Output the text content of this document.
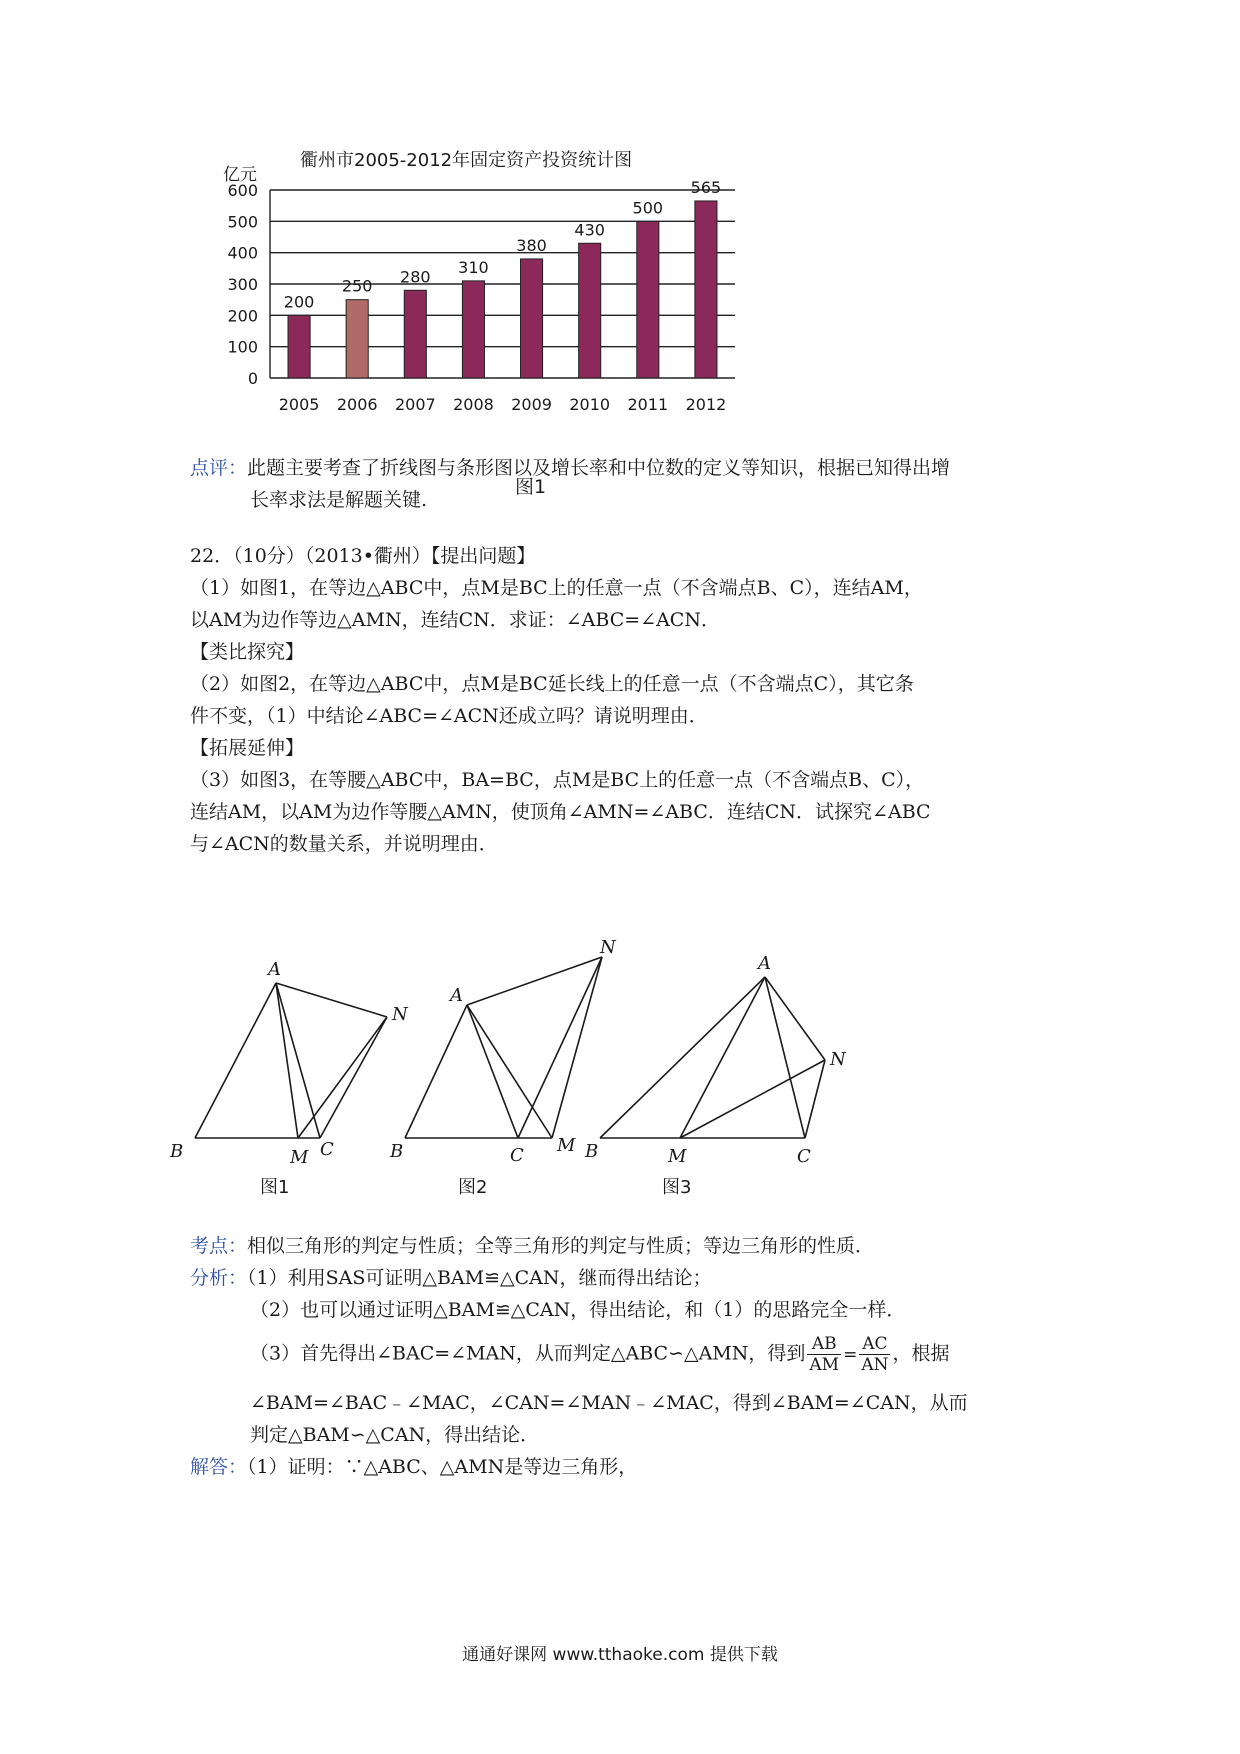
衢州市2005-2012年固定资产投资统计图
亿元
0
100
200
300
400
500
600
200
250 280 310
380
430
500
565
2005 2006 2007 2008 2009 2010 2011 2012
图1
点评：此题主要考查了折线图与条形图以及增长率和中位数的定义等知识，根据已知得出增
长率求法是解题关键.
22．（10分）（2013•衢州）【提出问题】
（1）如图1，在等边△ABC中，点M是BC上的任意一点（不含端点B、C），连结AM，
以AM为边作等边△AMN，连结CN．求证：∠ABC=∠ACN．
【类比探究】
（2）如图2，在等边△ABC中，点M是BC延长线上的任意一点（不含端点C），其它条
件不变，（1）中结论∠ABC=∠ACN还成立吗？请说明理由．
【拓展延伸】
（3）如图3，在等腰△ABC中，BA=BC，点M是BC上的任意一点（不含端点B、C），
连结AM，以AM为边作等腰△AMN，使顶角∠AMN=∠ABC．连结CN．试探究∠ABC
与∠ACN的数量关系，并说明理由．
A
B	M C
N
A
B	C M
N
A
B	M	C
N
图1	图2	图3
考点：相似三角形的判定与性质；全等三角形的判定与性质；等边三角形的性质．
分析：（1）利用SAS可证明△BAM≌△CAN，继而得出结论；
（2）也可以通过证明△BAM≌△CAN，得出结论，和（1）的思路完全一样．
（3）首先得出∠BAC=∠MAN，从而判定△ABC∽△AMN，得到 $\frac{AB}{AM} = \frac{AC}{AN}$ ，根据
∠BAM=∠BAC﹣∠MAC，∠CAN=∠MAN﹣∠MAC，得到∠BAM=∠CAN，从而
判定△BAM∽△CAN，得出结论．
解答：（1）证明：∵△ABC、△AMN是等边三角形，
通通好课网 www.tthaoke.com 提供下载
